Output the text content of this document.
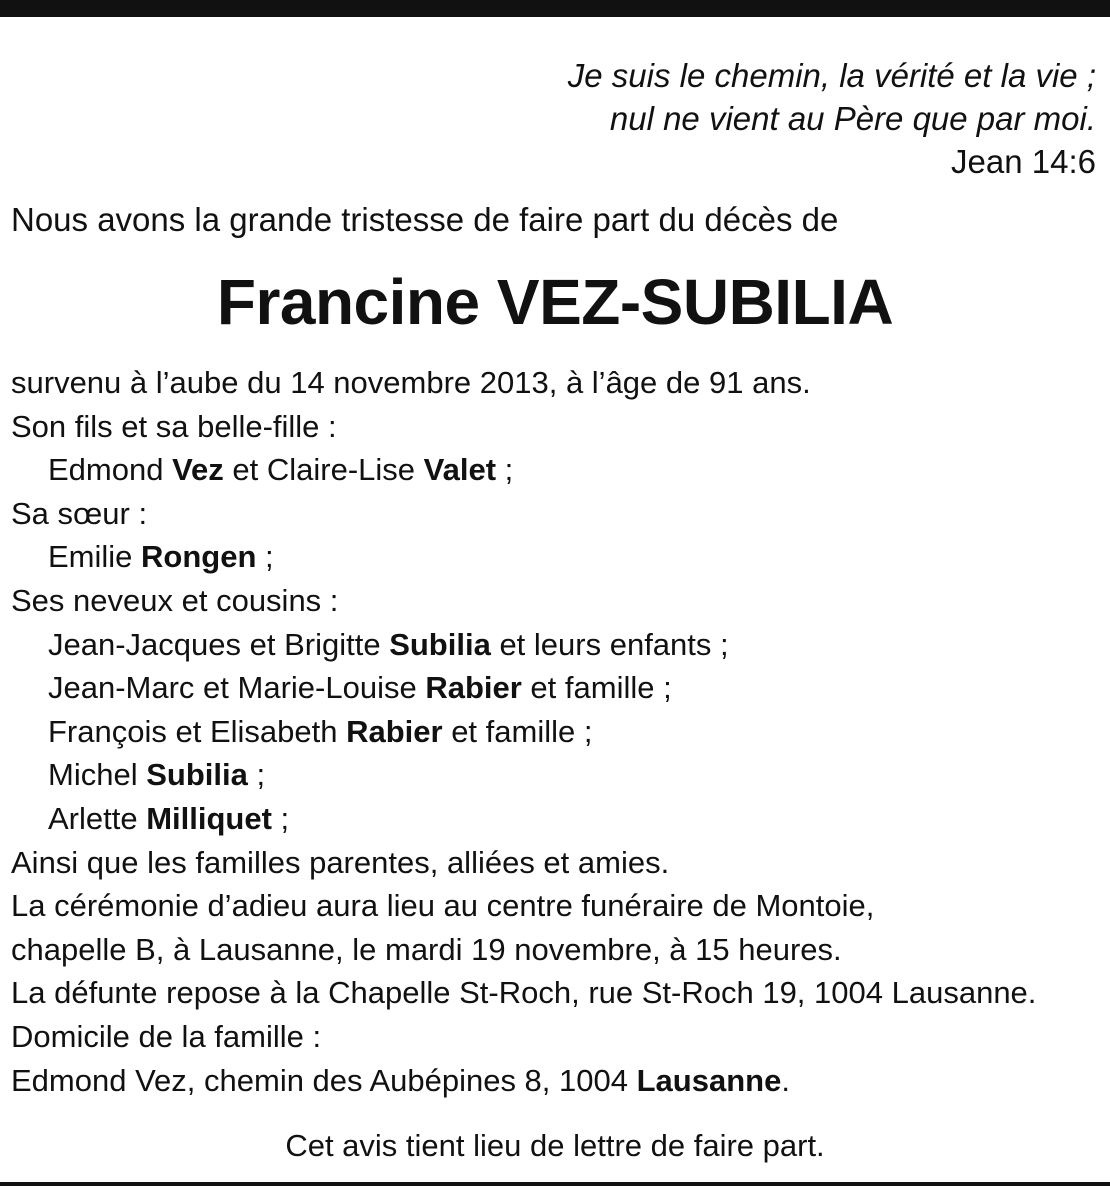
Je suis le chemin, la vérité et la vie ;
nul ne vient au Père que par moi.
Jean 14:6
Nous avons la grande tristesse de faire part du décès de
Francine VEZ-SUBILIA
survenu à l’aube du 14 novembre 2013, à l’âge de 91 ans.
Son fils et sa belle-fille :
Edmond Vez et Claire-Lise Valet ;
Sa sœur :
Emilie Rongen ;
Ses neveux et cousins :
Jean-Jacques et Brigitte Subilia et leurs enfants ;
Jean-Marc et Marie-Louise Rabier et famille ;
François et Elisabeth Rabier et famille ;
Michel Subilia ;
Arlette Milliquet ;
Ainsi que les familles parentes, alliées et amies.
La cérémonie d’adieu aura lieu au centre funéraire de Montoie,
chapelle B, à Lausanne, le mardi 19 novembre, à 15 heures.
La défunte repose à la Chapelle St-Roch, rue St-Roch 19, 1004 Lausanne.
Domicile de la famille :
Edmond Vez, chemin des Aubépines 8, 1004 Lausanne.
Cet avis tient lieu de lettre de faire part.
